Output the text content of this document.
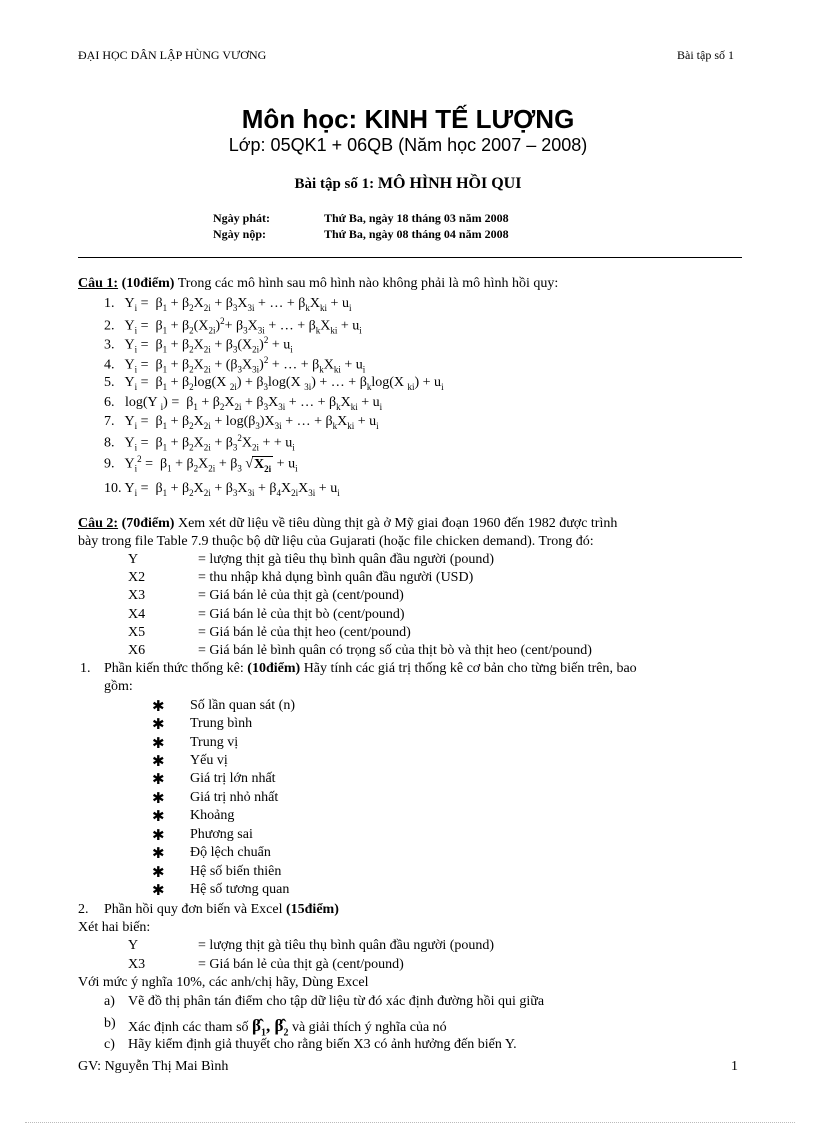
ĐẠI HỌC DÂN LẬP HÙNG VƯƠNG	Bài tập số 1
Môn học: KINH TẾ LƯỢNG
Lớp: 05QK1 + 06QB (Năm học 2007 – 2008)
Bài tập số 1: MÔ HÌNH HỒI QUI
Ngày phát:	Thứ Ba, ngày 18 tháng 03 năm 2008
Ngày nộp:	Thứ Ba, ngày 08 tháng 04 năm 2008
Câu 1: (10điểm) Trong các mô hình sau mô hình nào không phải là mô hình hồi quy:
1.   $Y_i = \beta_1 + \beta_2X_{2i} + \beta_3X_{3i}$ + … + $\beta_kX_{ki} + u_i$
2.   $Y_i = \beta_1 + \beta_2(X_{2i})^2+ \beta_3X_{3i}$ + … + $\beta_kX_{ki} + u_i$
3.   $Y_i = \beta_1 + \beta_2X_{2i} + \beta_3(X_{2i})^2 + u_i$
4.   $Y_i = \beta_1 + \beta_2X_{2i} + (\beta_3X_{3i})^2$ + … + $\beta_kX_{ki} + u_i$
5.   $Y_i = \beta_1 + \beta_2\log(X$ $_{2i}) + \beta_3\log(X$ $_{3i}$) + … + $\beta_k\log(X$ $_{ki}) + u_i$
6.   log(Y $_i) = \beta_1 + \beta_2X_{2i} + \beta_3X_{3i}$ + … + $\beta_kX_{ki} + u_i$
7.   $Y_i = \beta_1 + \beta_2X_{2i} + \log(\beta_3)X_{3i}$ + … + $\beta_kX_{ki} + u_i$
8.   $Y_i = \beta_1 + \beta_2X_{2i} + \beta_3^2X_{2i}$ + + $u_i$
9.   $Y_i^2 = \beta_1 + \beta_2X_{2i} + \beta_3$ $√X_{2i} + u_i$
10. $Y_i = \beta_1 + \beta_2X_{2i} + \beta_3X_{3i} + \beta_4X_{2i}X_{3i} + u_i$
Câu 2: (70điểm) Xem xét dữ liệu về tiêu dùng thịt gà ở Mỹ giai đoạn 1960 đến 1982 được trình
bày trong file Table 7.9 thuộc bộ dữ liệu của Gujarati (hoặc file chicken demand). Trong đó:
Y	= lượng thịt gà tiêu thụ bình quân đầu người (pound)
X2	= thu nhập khả dụng bình quân đầu người (USD)
X3	= Giá bán lẻ của thịt gà (cent/pound)
X4	= Giá bán lẻ của thịt bò (cent/pound)
X5	= Giá bán lẻ của thịt heo (cent/pound)
X6	= Giá bán lẻ bình quân có trọng số của thịt bò và thịt heo (cent/pound)
1. Phần kiến thức thống kê: (10điểm) Hãy tính các giá trị thống kê cơ bản cho từng biến trên, bao
gồm:
✱ Số lần quan sát (n)
✱ Trung bình
✱ Trung vị
✱ Yếu vị
✱ Giá trị lớn nhất
✱ Giá trị nhỏ nhất
✱ Khoảng
✱ Phương sai
✱ Độ lệch chuẩn
✱ Hệ số biến thiên
✱ Hệ số tương quan
2. Phần hồi quy đơn biến và Excel (15điểm)
Xét hai biến:
Y	= lượng thịt gà tiêu thụ bình quân đầu người (pound)
X3	= Giá bán lẻ của thịt gà (cent/pound)
Với mức ý nghĩa 10%, các anh/chị hãy, Dùng Excel
a) Vẽ đồ thị phân tán điểm cho tập dữ liệu từ đó xác định đường hồi qui giữa
b) Xác định các tham số $\betâ_1$, $\betâ_2$ và giải thích ý nghĩa của nó
c) Hãy kiểm định giả thuyết cho rằng biến X3 có ảnh hưởng đến biến Y.
GV: Nguyễn Thị Mai Bình	1
